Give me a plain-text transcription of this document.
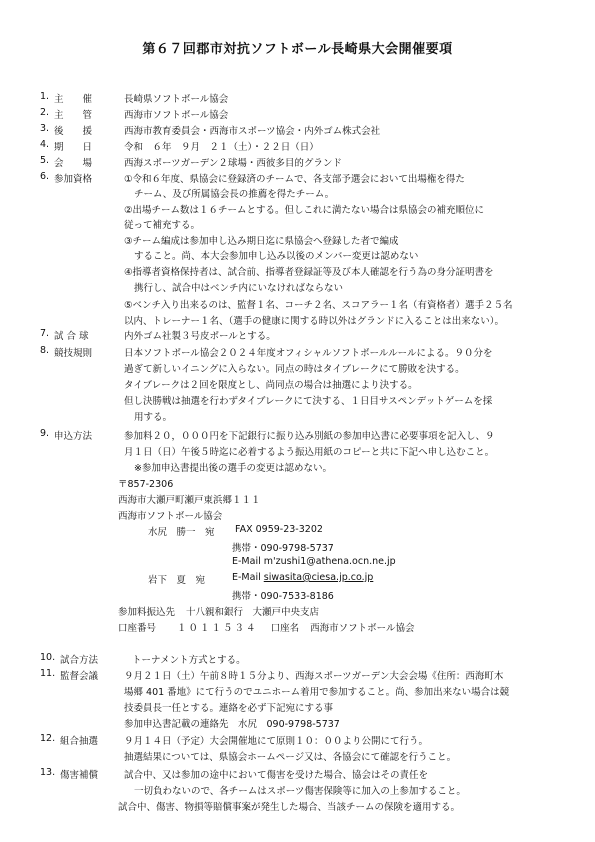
第６７回郡市対抗ソフトボール長崎県大会開催要項
1. 主　　催	長崎県ソフトボール協会
2. 主　　管	西海市ソフトボール協会
3. 後　　援	西海市教育委員会・西海市スポーツ協会・内外ゴム株式会社
4. 期　　日	令和　６年　９月　２１（土）・２２日（日）
5. 会　　場	西海スポーツガーデン２球場・西彼多目的グランド
6. 参加資格	①令和６年度、県協会に登録済のチームで、各支部予選会において出場権を得た
チーム、及び所属協会長の推薦を得たチーム。
②出場チーム数は１６チームとする。但しこれに満たない場合は県協会の補充順位に
従って補充する。
③チーム編成は参加申し込み期日迄に県協会へ登録した者で編成
すること。尚、本大会参加申し込み以後のメンバー変更は認めない
④指導者資格保持者は、試合前、指導者登録証等及び本人確認を行う為の身分証明書を
携行し、試合中はベンチ内にいなければならない
⑤ベンチ入り出来るのは、監督１名、コーチ２名、スコアラー１名（有資格者）選手２５名
以内、トレーナー１名、（選手の健康に関する時以外はグランドに入ることは出来ない）。
7. 試 合 球	内外ゴム社製３号皮ボールとする。
8. 競技規則	日本ソフトボール協会２０２４年度オフィシャルソフトボールルールによる。９０分を
過ぎて新しいイニングに入らない。同点の時はタイブレークにて勝敗を決する。
タイブレークは２回を限度とし、尚同点の場合は抽選により決する。
但し決勝戦は抽選を行わずタイブレークにて決する、１日目サスペンデットゲームを採
用する。
9. 申込方法	参加料２０，０００円を下記銀行に振り込み別紙の参加申込書に必要事項を記入し、９
月１日（日）午後５時迄に必着するよう振込用紙のコピーと共に下記へ申し込むこと。
※参加申込書提出後の選手の変更は認めない。
〒857-2306
西海市大瀬戸町瀬戸東浜郷１１１
西海市ソフトボール協会
水尻　勝一　宛 FAX 0959-23-3202
携帯・090-9798-5737
E-Mail m'zushi1@athena.ocn.ne.jp
岩下　夏　宛	E-Mail siwasita@ciesa.jp.co.jp
携帯・090-7533-8186
参加料振込先 十八親和銀行　大瀬戸中央支店
口座番号 １０１１５３４ 口座名 西海市ソフトボール協会
10. 試合方法	トーナメント方式とする。
11. 監督会議	９月２１日（土）午前８時１５分より、西海スポーツガーデン大会会場《住所：西海町木
場郷 401 番地》にて行うのでユニホーム着用で参加すること。尚、参加出来ない場合は競
技委員長一任とする。連絡を必ず下記宛にする事
参加申込書記載の連絡先　水尻　090-9798-5737
12. 組合抽選	９月１４日（予定）大会開催地にて原則１０：００より公開にて行う。
抽選結果については、県協会ホームページ又は、各協会にて確認を行うこと。
13. 傷害補償	試合中、又は参加の途中において傷害を受けた場合、協会はその責任を
一切負わないので、各チームはスポーツ傷害保険等に加入の上参加すること。
試合中、傷害、物損等賠償事案が発生した場合、当該チームの保険を適用する。
